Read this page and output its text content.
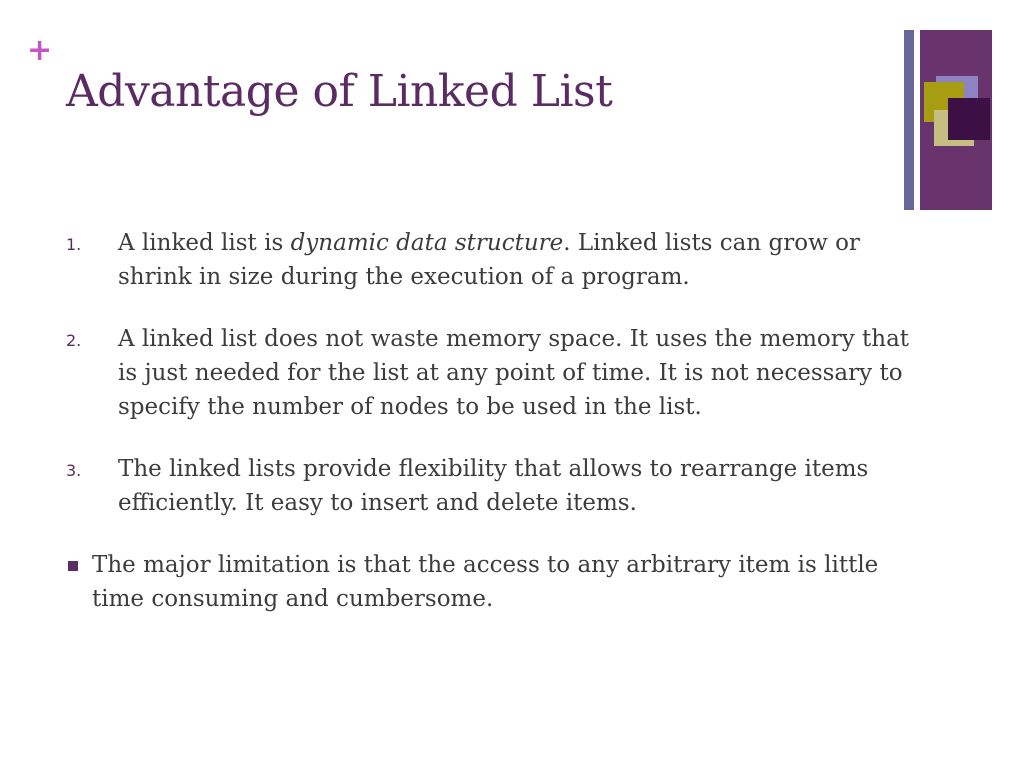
+
Advantage of Linked List
1. A linked list is dynamic data structure. Linked lists can grow or shrink in size during the execution of a program.
2. A linked list does not waste memory space. It uses the memory that is just needed for the list at any point of time. It is not necessary to specify the number of nodes to be used in the list.
3. The linked lists provide flexibility that allows to rearrange items efficiently. It easy to insert and delete items.
The major limitation is that the access to any arbitrary item is little time consuming and cumbersome.
